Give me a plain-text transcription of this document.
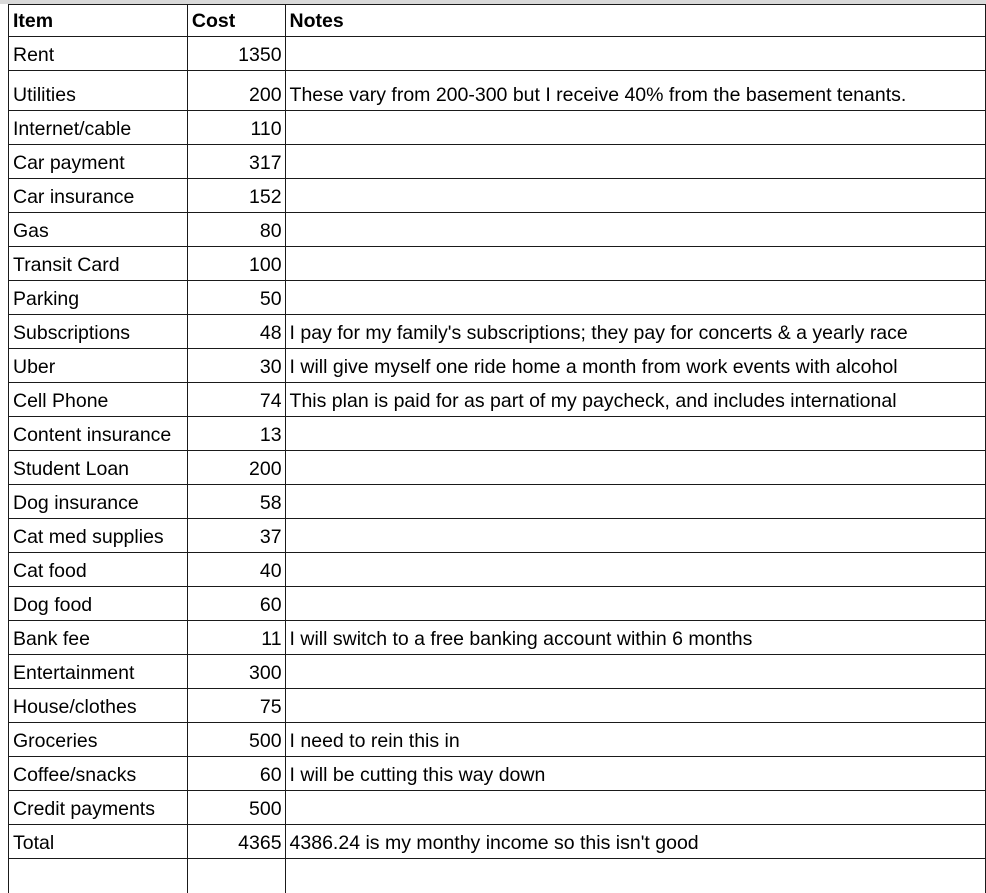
Item	Cost	Notes
Rent	1350	
Utilities	200	These vary from 200-300 but I receive 40% from the basement tenants.
Internet/cable	110	
Car payment	317	
Car insurance	152	
Gas	80	
Transit Card	100	
Parking	50	
Subscriptions	48	I pay for my family's subscriptions; they pay for concerts & a yearly race
Uber	30	I will give myself one ride home a month from work events with alcohol
Cell Phone	74	This plan is paid for as part of my paycheck, and includes international
Content insurance	13	
Student Loan	200	
Dog insurance	58	
Cat med supplies	37	
Cat food	40	
Dog food	60	
Bank fee	11	I will switch to a free banking account within 6 months
Entertainment	300	
House/clothes	75	
Groceries	500	I need to rein this in
Coffee/snacks	60	I will be cutting this way down
Credit payments	500	
Total	4365	4386.24 is my monthy income so this isn't good
